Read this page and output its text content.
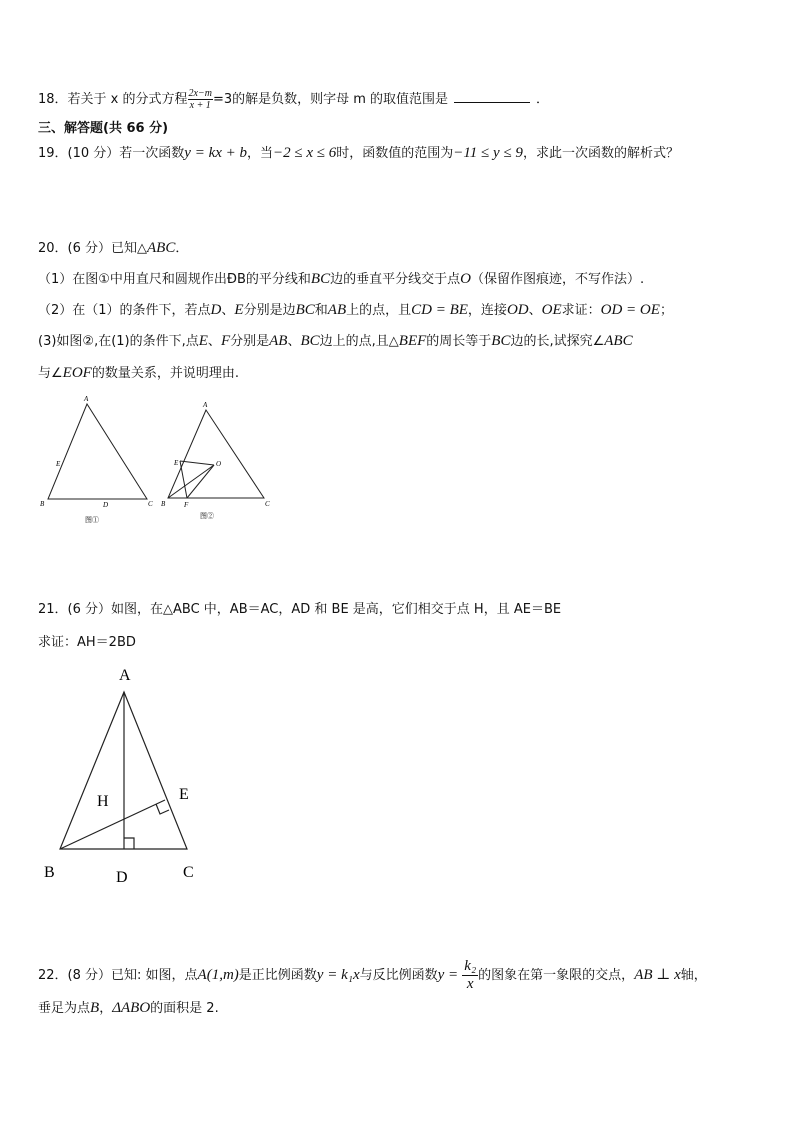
18．若关于 x 的分式方程 $\frac{2x-m}{x + 1} =3$的解是负数，则字母 m 的取值范围是	．
三、解答题(共 66 分)
19．(10 分）若一次函数y = kx + b，当−2 ≤ x ≤ 6时，函数值的范围为−11 ≤ y ≤ 9，求此一次函数的解析式？
20．(6 分）已知△ABC．
（1）在图①中用直尺和圆规作出ÐB的平分线和BC边的垂直平分线交于点O（保留作图痕迹，不写作法）.
（2）在（1）的条件下，若点D、E分别是边BC和AB上的点，且CD = BE，连接OD、OE求证：OD = OE；
(3)如图②,在(1)的条件下,点E、F分别是AB、BC边上的点,且△BEF的周长等于BC边的长,试探究∠ABC
与∠EOF的数量关系，并说明理由.
A
E
B	D	C
图①
A
E	O
B	F	C
图②
A
H	E
B	D	C
21．(6 分）如图，在△ABC 中，AB＝AC，AD 和 BE 是高，它们相交于点 H，且 AE＝BE
求证：AH＝2BD
22．(8 分）已知: 如图，点A(1,m)是正比例函数y = k₁x与反比例函数$y = \frac{\text{k₂}}{x}$ 的图象在第一象限的交点，AB ⊥ x轴，
垂足为点B，ΔABO的面积是 2.
